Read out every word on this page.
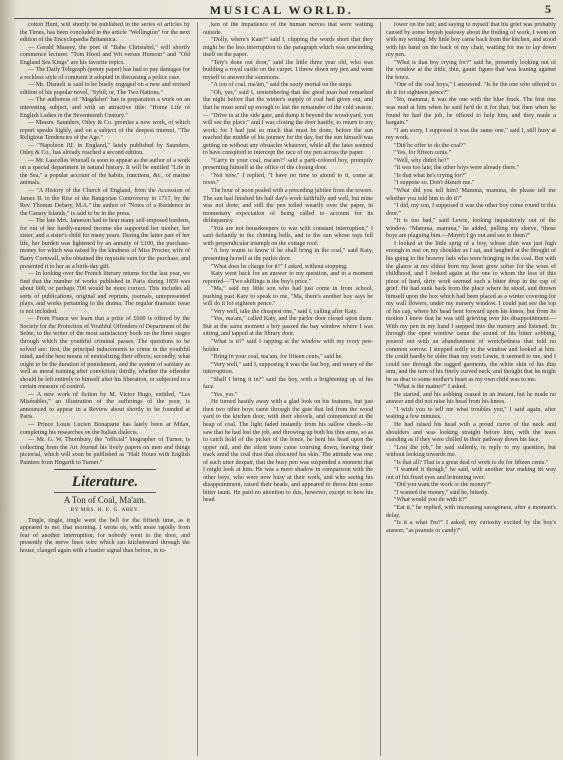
MUSICAL WORLD.	5

cotton Hunt, will shortly be published in the series of articles by the Times, has been concluded in the article "Wellington" for the next edition of the Encyclopædia Britannica.

— Gerald Massey, the poet of "Babe Christabel," will shortly commence lecturer. "Tom Hood and Wit versus Humour" and "Old England Sea Kings" are his favorite topics.

— The Daily Telegraph (penny paper) has had to pay damages for a reckless style of comment it adopted in discussing a police case.

— Mr. Disraeli is said to be busily engaged on a new and revised edition of his popular novel, "Sybil; or, The Two Nations."

— The authoress of "Magdalen" has in preparation a work on an interesting subject, and with an attractive title: "Home Life of English Ladies in the Seventeenth Century."

— Messrs. Saunders, Otley & Co. promise a new work, of which report speaks highly, and on a subject of the deepest interest, "The Religious Tendencies of the Age."

— "Napoleon III. in England," lately published by Saunders, Otley & Co., has already reached a second edition.

— Mr. Lascelles Wraxall is soon to appear as the author of a work on a special department in natural history. It will be entitled "Life in the Sea," a popular account of the habits, functions, &c., of marine animals.

— "A History of the Church of England, from the Accession of James II. to the Rise of the Bangorian Controversy in 1717, by the Rev. Thomas Debary, M.A." the author of "Notes of a Residence in the Canary Islands," is said to be in the press.

— The late Mrs. Jameson had to bear many self-imposed burdens, for out of her hardly-earned income she supported her mother, her sister, and a sister's child for many years. During the latter part of her life, her burden was lightened by an annuity of £100, the purchase-money for which was raised by the kindness of Miss Procter, wife of Barry Cornwall, who obtained the requisite sum for the purchase, and presented it to her as a birth-day gift.

— In looking over the French literary returns for the last year, we find that the number of works published in Paris during 1859 was about 600, or perhaps 700 would be more correct. This includes all sorts of publications, original and reprints, journals, unrepresented plays, and works pertaining to the drama. The regular dramatic issue is not included.

— From France we learn that a prize of £600 is offered by the Society for the Protection of Youthful Offenders of Department of the Seine, to the writer of the most satisfactory book on the three stages through which the youthful criminal passes. The questions to be solved are: first, the principal inducements to crime in the youthful mind, and the best means of neutralizing their effects; secondly, what ought to be the duration of punishment, and the system of sanitary as well as moral training after conviction; thirdly, whether the offender should be left entirely to himself after his liberation, or subjected to a certain measure of control.

— A new work of fiction by M. Victor Hugo, entitled, "Les Misérables," an illustration of the sufferings of the poor, is announced to appear in a Review about shortly to be founded at Paris.

— Prince Louis Lucien Bonaparte has lately been at Milan, completing his researches on the Italian dialects.

— Mr. G. W. Thornbury, the "official" biographer of Turner, is collecting from the Art Journal his lively papers on men and things pictorial, which will soon be published as "Half Hours with English Painters from Hogarth to Turner."

Literature.
A Ton of Coal, Ma'am.
BY MRS. H. E. G. AREY.

Tingle, tingle, tingle went the bell for the fiftieth time, as it appeared to me, that morning. I wrote on, with more rapidly from fear of another interruption; for nobody went to the door, and presently the nerve lines wire which ran kitchenward through the house, clanged again with a hastier signal than before, in to-

ken of the impatience of the human nerves that were waiting outside.

"Dolly, where's Kate?" said I, clipping the words short that they might be the less interruption to the paragraph which was unwinding itself on the paper.

"Tety's done out door," said the little three year old, who was building a royal castle on the carpet. I threw down my pen and went myself to answer the summons.

"A ton of coal, ma'am," said the sooty mortal on the steps.

"Oh, yes," said I, remembering that the good man had remarked the night before that the winter's supply of coal had given out, and that he must send up enough to last the remainder of the cold season.— "Drive in at the side gate, and dump it beyond the wood-yard, you will see the place;" and I was closing the door hastily, to return to my work; for I had just so much that must be done, before the sun reached the middle of his journey for the day, but the sun himself was getting on without any obstacles whatever, while all the fates seemed to have conspired to intercept the race of my pen across the paper.

"Carry in your coal, ma'am?" said a parti-colored boy, promptly presenting himself at the office of the closing door.

"Not now," I replied, "I have no time to attend to it, come at noon."

The hour of noon pealed with a preceding jubilee from the towers. The sun had finished his half day's work faithfully and well, but mine was not done; and still the pen toiled wearily over the paper, in momentary expectation of being called to account for its delinquency.

"You are not housekeepers to war with constant interruption," I said defiantly to the chiming bells, and to the sun whose rays fell with perpendicular triumph on the cottage roof.

"A boy wants to know if he shall bring in the coal," said Katy, presenting herself at the parlor door.

"What does he charge for it?" I asked, without stopping.

Katy went back for an answer to my question, and in a moment reported—"Two shillings is the boy's price."

"Ma," said my little son who had just come in from school, pushing past Katy to speak to me, "Ma, there's another boy says he will do it for eighteen pence."

"Very well, take the cheapest one," said I, calling after Katy.

"Yes, ma'am," called Katy, and the parlor door closed upon them. But at the same moment a boy passed the bay window where I was sitting, and tapped at the library door.

"What is it?" said I rapping at the window with my ivory pen-holder.

"Bring in your coal, ma'am, for fifteen cents," said he.

"Very well," said I, supposing it was the last boy, and weary of the interruption.

"Shall I bring it in?" said the boy, with a brightening up of his face.

"Yes, yes."

He turned hastily away with a glad look on his features, but just then two other boys came through the gate that led from the wood yard to the kitchen door, with their shovels, and commenced at the heap of coal. The light faded instantly from his sallow cheek—he saw that he had lost the job, and throwing up both his thin arms, so as to catch hold of the picket of the fence, he bent his head upon the upper rail, and the silent tears came coursing down, leaving their track amid the coal dust that obscured his skin. The attitude was one of such utter despair, that the busy pen was suspended a moment that I might look at him. He was a mere shadow in comparison with the other boys, who were now busy at their work, and who seeing his disappointment, raised their heads, and appeared to throw him some bitter taunt. He paid no attention to this, however, except to bow his head

lower on the rail; and saying to myself that his grief was probably caused by some boyish jealousy about the finding of work, I went on with my writing. My little boy came back from the kitchen, and stood with his hand on the back of my chair, waiting for me to lay down my pen.

"What is that boy crying for?" said he, presently looking out of the window at the little, thin, gaunt figure that was leaning against the fence.

"One of the coal boys," I answered. "Is he the one who offered to do it for eighteen pence?"

"No, mamma, it was the one with the blue frock. The first one was mad at him when he said he'd do it for that; but then when he found he had the job, he offered to help him, and they made a bargain."

"I am sorry, I supposed it was the same one," said I, still busy at my work.

"Did he offer to do the coal?"

"Yes, for fifteen cents."

"Well, why didn't he?"

"It was too late; the other boys were already there."

"Is that what he's crying for?"

"I suppose so. Don't disturb me."

"What did you tell him? Mamma, mamma, do please tell me whether you told him to do it?"

"I did, my son, I supposed it was the other boy come round to this door."

"It is too bad," said Lewie, looking inquisitively out of the window. "Mamma, mamma," he added, pulling my sleeve, "those boys are plaguing him.—Mayn't I go out and see to them?"

I looked at the little sprig of a boy, whose chin was just high enough to rest on my shoulder as I sat, and laughed at the thought of his going to the brawny lads who were bringing in the coal. But with the glance at my eldest born my heart grew softer for the woes of childhood, and I looked again at the one to whom the loss of this piece of hard, dirty work seemed such a bitter drop in the cup of grief. He had sunk back from the place where he stood, and thrown himself upon the box which had been placed as a winter covering for my wall flowers, under my nursery window. I could just see the top of his cap, where his head bent forward upon his knees, but from its motion I knew that he was still grieving over his disappointment.— With my pen in my hand I stepped into the nursery and listened. In through the open window came the sound of his bitter sobbing, poured out with an abandonment of wretchedness that told no common sorrow. I stepped softly to the window and looked at him. He could hardly be older than my own Lewie, it seemed to me, and I could see through the ragged garments, the white skin of his thin arm, and the turn of his finely curved neck, and thought that he might be as dear to some mother's heart as my own child was to me.

"What is the matter?" I asked.

He started, and his sobbing ceased in an instant, but he made no answer and did not raise his head from his knees.

"I wish you to tell me what troubles you," I said again, after waiting a few minutes.

He had raised his head with a proud curve of the neck and shoulders and was looking straight before him, with the tears standing as if they were chilled in their pathway down his face.

"Lost the job," he said sullenly, in reply to my question, but without looking towards me.

"Is that all? That is a great deal of work to do for fifteen cents."

"I wanted it though," he said, with another tear making its way out of his fixed eyes and brimming over.

"Did you want the work or the money?"

"I wanted the money," said he, bitterly.

"What would you do with it?"

"Eat it," he replied, with increasing savageness, after a moment's delay.

"Is it a what I'm?" I asked, my curiosity excited by the boy's answer, "as peanuts or candy?"
